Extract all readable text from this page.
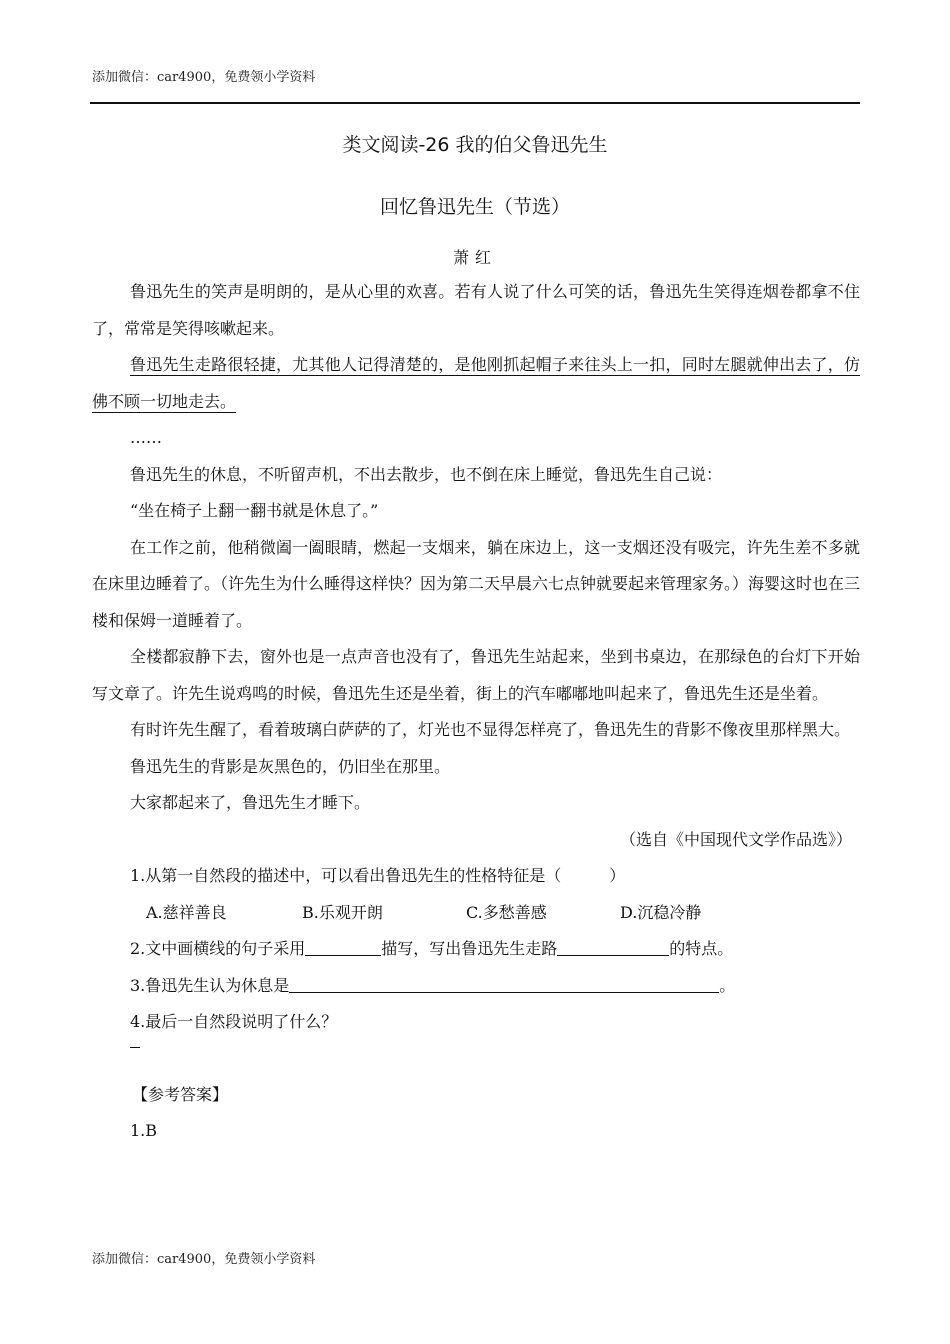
添加微信：car4900，免费领小学资料
类文阅读-26 我的伯父鲁迅先生
回忆鲁迅先生（节选）
萧红

鲁迅先生的笑声是明朗的，是从心里的欢喜。若有人说了什么可笑的话，鲁迅先生笑得连烟卷都拿不住了，常常是笑得咳嗽起来。

鲁迅先生走路很轻捷，尤其他人记得清楚的，是他刚抓起帽子来往头上一扣，同时左腿就伸出去了，仿佛不顾一切地走去。

……

鲁迅先生的休息，不听留声机，不出去散步，也不倒在床上睡觉，鲁迅先生自己说：

“坐在椅子上翻一翻书就是休息了。”

在工作之前，他稍微阖一阖眼睛，燃起一支烟来，躺在床边上，这一支烟还没有吸完，许先生差不多就在床里边睡着了。（许先生为什么睡得这样快？因为第二天早晨六七点钟就要起来管理家务。）海婴这时也在三楼和保姆一道睡着了。

全楼都寂静下去，窗外也是一点声音也没有了，鲁迅先生站起来，坐到书桌边，在那绿色的台灯下开始写文章了。许先生说鸡鸣的时候，鲁迅先生还是坐着，街上的汽车嘟嘟地叫起来了，鲁迅先生还是坐着。

有时许先生醒了，看着玻璃白萨萨的了，灯光也不显得怎样亮了，鲁迅先生的背影不像夜里那样黑大。

鲁迅先生的背影是灰黑色的，仍旧坐在那里。

大家都起来了，鲁迅先生才睡下。

（选自《中国现代文学作品选》）

1.从第一自然段的描述中，可以看出鲁迅先生的性格特征是（　　　）

A.慈祥善良	B.乐观开朗	C.多愁善感	D.沉稳冷静

2.文中画横线的句子采用	描写，写出鲁迅先生走路	的特点。

3.鲁迅先生认为休息是	。

4.最后一自然段说明了什么？

【参考答案】

1.B

添加微信：car4900，免费领小学资料
